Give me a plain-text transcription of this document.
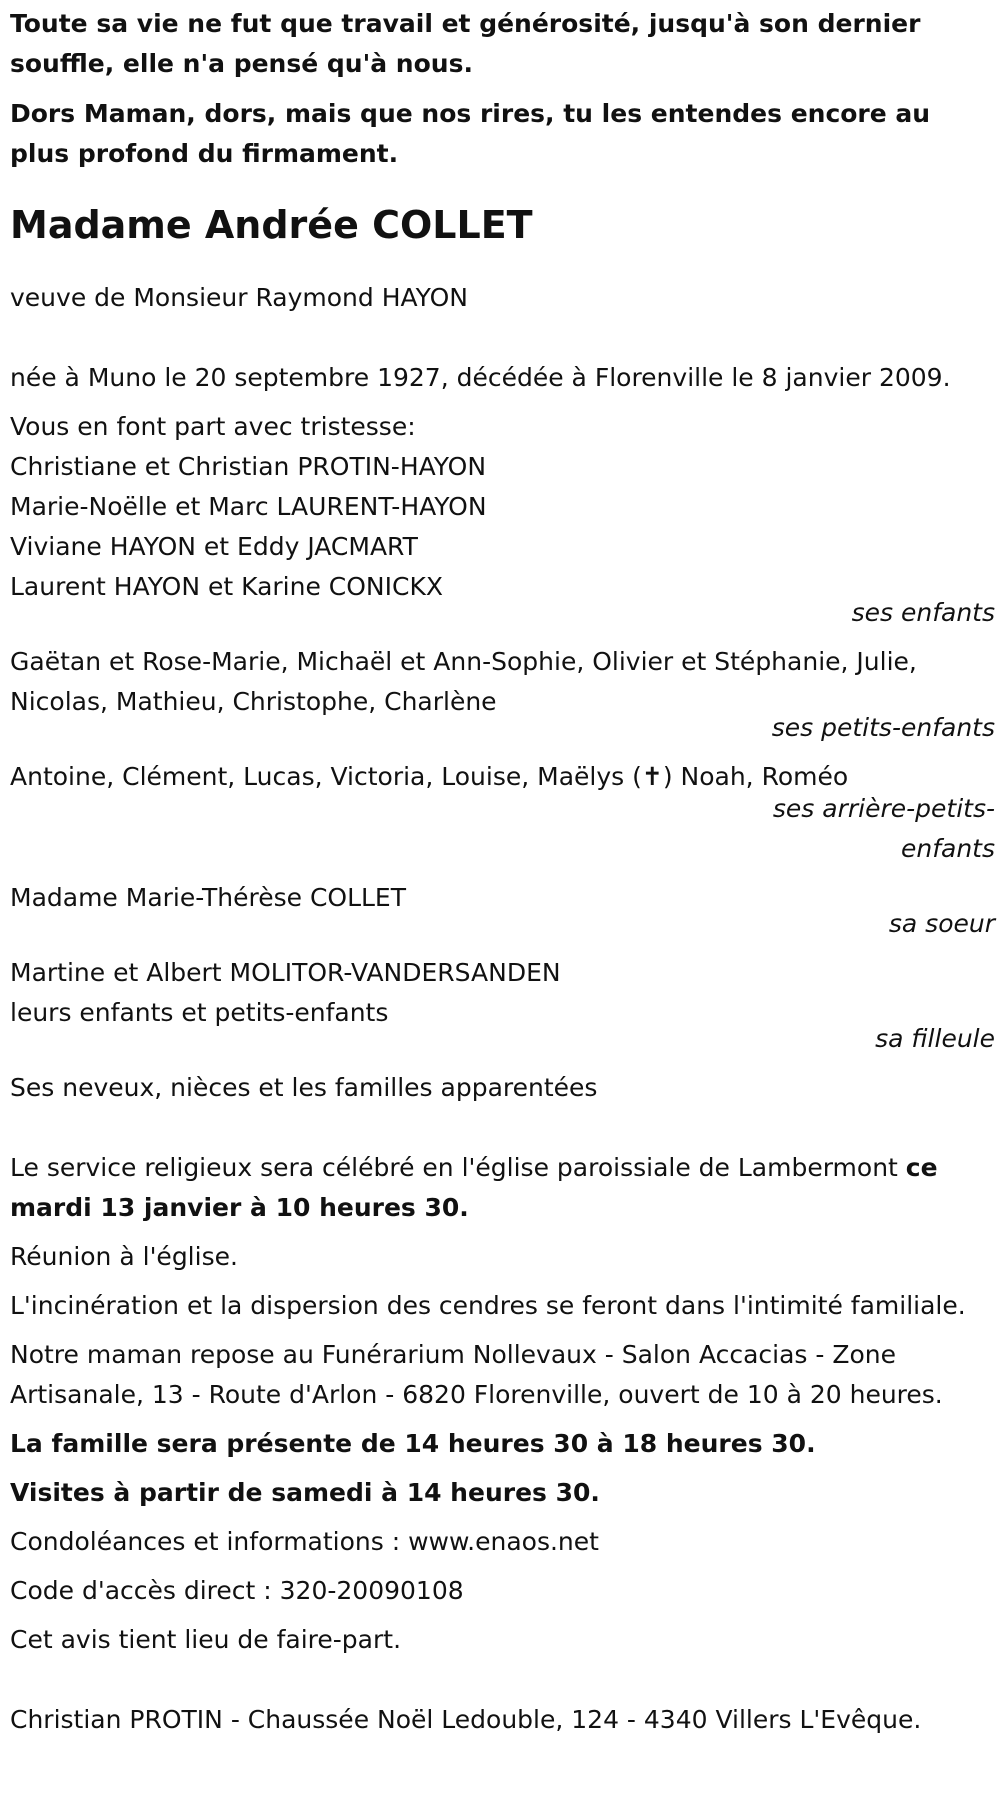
Toute sa vie ne fut que travail et générosité, jusqu'à son dernier souffle, elle n'a pensé qu'à nous.

Dors Maman, dors, mais que nos rires, tu les entendes encore au plus profond du firmament.

Madame Andrée COLLET

veuve de Monsieur Raymond HAYON

née à Muno le 20 septembre 1927, décédée à Florenville le 8 janvier 2009.

Vous en font part avec tristesse:

Christiane et Christian PROTIN-HAYON

Marie-Noëlle et Marc LAURENT-HAYON

Viviane HAYON et Eddy JACMART

Laurent HAYON et Karine CONICKX

ses enfants

Gaëtan et Rose-Marie, Michaël et Ann-Sophie, Olivier et Stéphanie, Julie, Nicolas, Mathieu, Christophe, Charlène

ses petits-enfants

Antoine, Clément, Lucas, Victoria, Louise, Maëlys (✝) Noah, Roméo

ses arrière-petits-enfants

Madame Marie-Thérèse COLLET

sa soeur

Martine et Albert MOLITOR-VANDERSANDEN

leurs enfants et petits-enfants

sa filleule

Ses neveux, nièces et les familles apparentées

Le service religieux sera célébré en l'église paroissiale de Lambermont ce mardi 13 janvier à 10 heures 30.

Réunion à l'église.

L'incinération et la dispersion des cendres se feront dans l'intimité familiale.

Notre maman repose au Funérarium Nollevaux - Salon Accacias - Zone Artisanale, 13 - Route d'Arlon - 6820 Florenville, ouvert de 10 à 20 heures.

La famille sera présente de 14 heures 30 à 18 heures 30.

Visites à partir de samedi à 14 heures 30.

Condoléances et informations : www.enaos.net

Code d'accès direct : 320-20090108

Cet avis tient lieu de faire-part.

Christian PROTIN - Chaussée Noël Ledouble, 124 - 4340 Villers L'Evêque.
